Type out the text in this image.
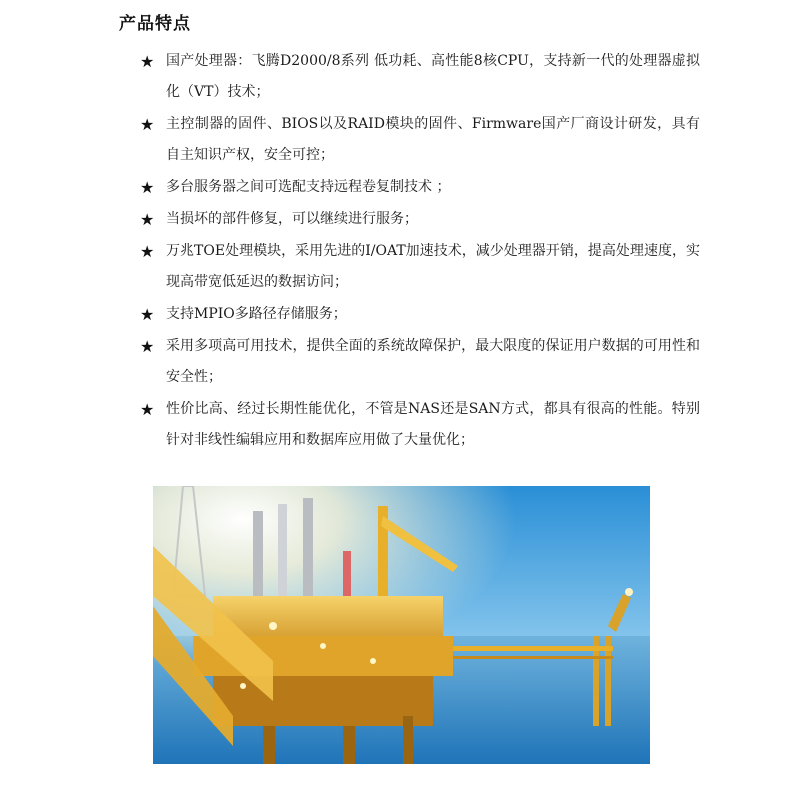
产品特点
★ 国产处理器：飞腾D2000/8系列 低功耗、高性能8核CPU，支持新一代的处理器虚拟化（VT）技术；
★ 主控制器的固件、BIOS以及RAID模块的固件、Firmware国产厂商设计研发，具有自主知识产权，安全可控；
★ 多台服务器之间可选配支持远程卷复制技术 ；
★ 当损坏的部件修复，可以继续进行服务；
★ 万兆TOE处理模块，采用先进的I/OAT加速技术，减少处理器开销，提高处理速度，实现高带宽低延迟的数据访问；
★ 支持MPIO多路径存储服务；
★ 采用多项高可用技术，提供全面的系统故障保护，最大限度的保证用户数据的可用性和安全性；
★ 性价比高、经过长期性能优化，不管是NAS还是SAN方式，都具有很高的性能。特别针对非线性编辑应用和数据库应用做了大量优化；
